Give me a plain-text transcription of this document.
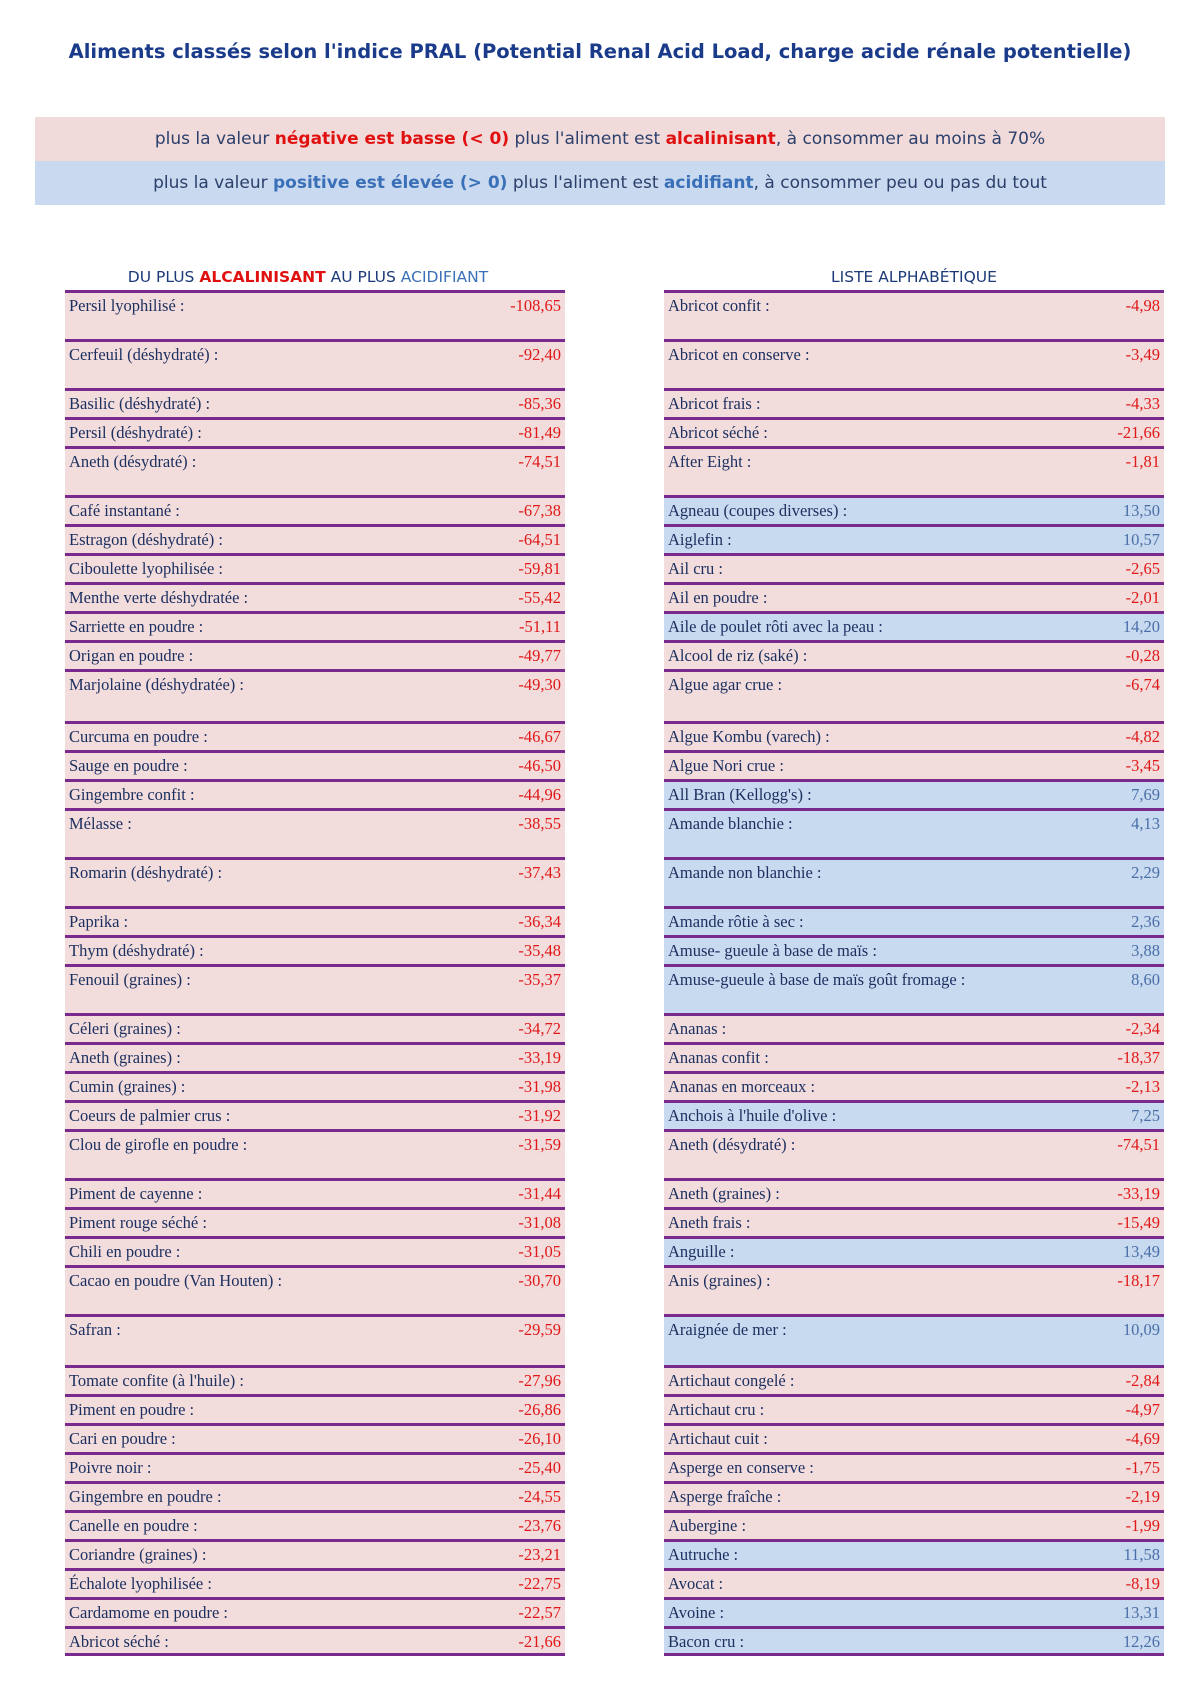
Aliments classés selon l'indice PRAL (Potential Renal Acid Load, charge acide rénale potentielle)
plus la valeur négative est basse (< 0) plus l'aliment est alcalinisant, à consommer au moins à 70%
plus la valeur positive est élevée (> 0) plus l'aliment est acidifiant, à consommer peu ou pas du tout
DU PLUS ALCALINISANT AU PLUS ACIDIFIANT	LISTE ALPHABÉTIQUE
Persil lyophilisé :	-108,65
Cerfeuil (déshydraté) :	-92,40
Basilic (déshydraté) :	-85,36
Persil (déshydraté) :	-81,49
Aneth (désydraté) :	-74,51
Café instantané :	-67,38
Estragon (déshydraté) :	-64,51
Ciboulette lyophilisée :	-59,81
Menthe verte déshydratée :	-55,42
Sarriette en poudre :	-51,11
Origan en poudre :	-49,77
Marjolaine (déshydratée) :	-49,30
Curcuma en poudre :	-46,67
Sauge en poudre :	-46,50
Gingembre confit :	-44,96
Mélasse :	-38,55
Romarin (déshydraté) :	-37,43
Paprika :	-36,34
Thym (déshydraté) :	-35,48
Fenouil (graines) :	-35,37
Céleri (graines) :	-34,72
Aneth (graines) :	-33,19
Cumin (graines) :	-31,98
Coeurs de palmier crus :	-31,92
Clou de girofle en poudre :	-31,59
Piment de cayenne :	-31,44
Piment rouge séché :	-31,08
Chili en poudre :	-31,05
Cacao en poudre (Van Houten) :	-30,70
Safran :	-29,59
Tomate confite (à l'huile) :	-27,96
Piment en poudre :	-26,86
Cari en poudre :	-26,10
Poivre noir :	-25,40
Gingembre en poudre :	-24,55
Canelle en poudre :	-23,76
Coriandre (graines) :	-23,21
Échalote lyophilisée :	-22,75
Cardamome en poudre :	-22,57
Abricot séché :	-21,66
Abricot confit :	-4,98
Abricot en conserve :	-3,49
Abricot frais :	-4,33
Abricot séché :	-21,66
After Eight :	-1,81
Agneau (coupes diverses) :	13,50
Aiglefin :	10,57
Ail cru :	-2,65
Ail en poudre :	-2,01
Aile de poulet rôti avec la peau :	14,20
Alcool de riz (saké) :	-0,28
Algue agar crue :	-6,74
Algue Kombu (varech) :	-4,82
Algue Nori crue :	-3,45
All Bran (Kellogg's) :	7,69
Amande blanchie :	4,13
Amande non blanchie :	2,29
Amande rôtie à sec :	2,36
Amuse- gueule à base de maïs :	3,88
Amuse-gueule à base de maïs goût fromage :	8,60
Ananas :	-2,34
Ananas confit :	-18,37
Ananas en morceaux :	-2,13
Anchois à l'huile d'olive :	7,25
Aneth (désydraté) :	-74,51
Aneth (graines) :	-33,19
Aneth frais :	-15,49
Anguille :	13,49
Anis (graines) :	-18,17
Araignée de mer :	10,09
Artichaut congelé :	-2,84
Artichaut cru :	-4,97
Artichaut cuit :	-4,69
Asperge en conserve :	-1,75
Asperge fraîche :	-2,19
Aubergine :	-1,99
Autruche :	11,58
Avocat :	-8,19
Avoine :	13,31
Bacon cru :	12,26
